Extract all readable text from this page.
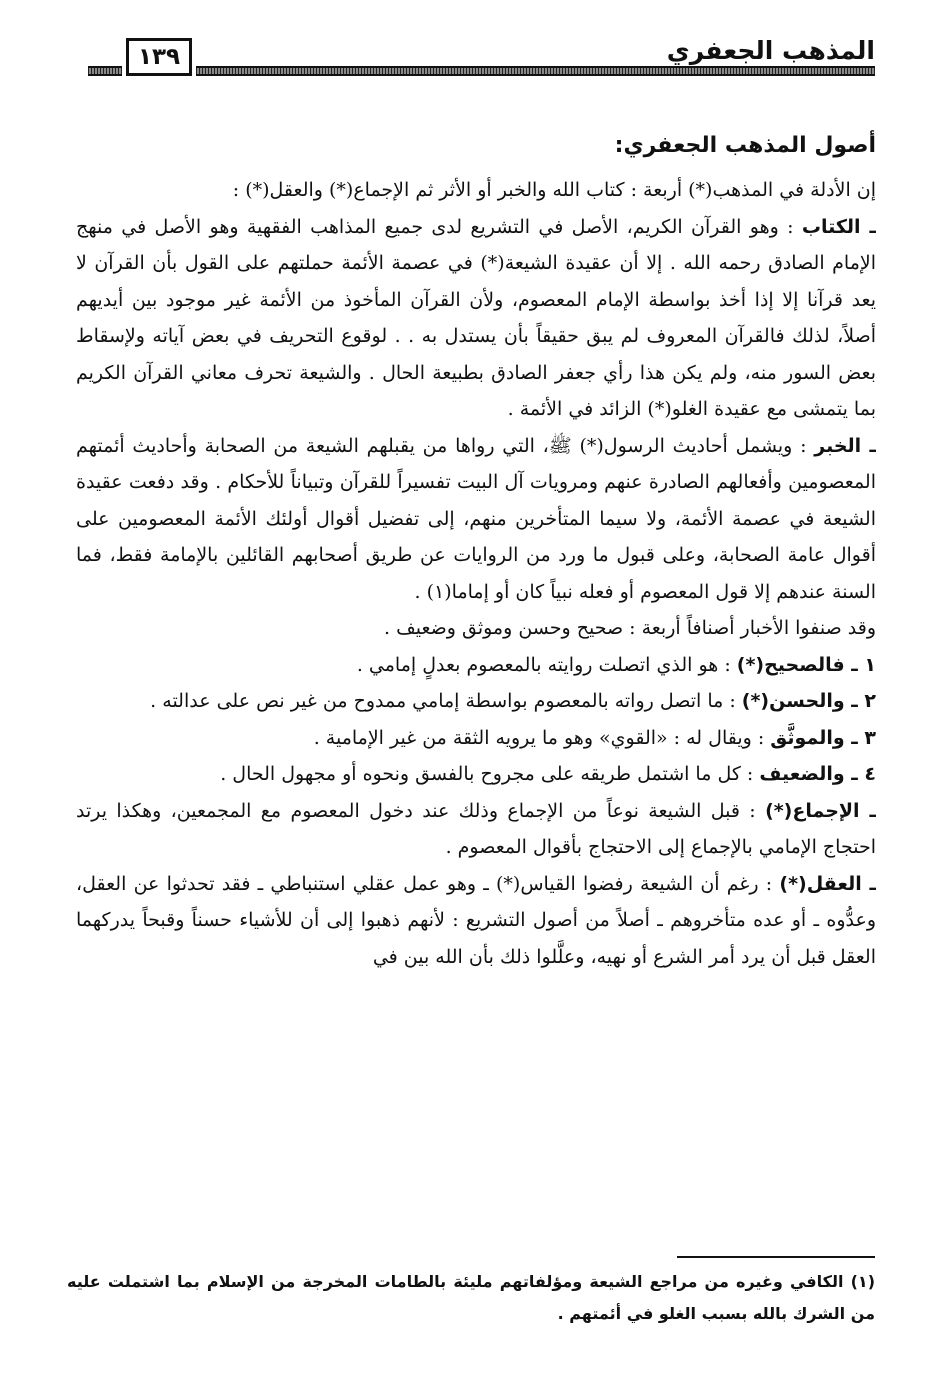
المذهب الجعفري
١٣٩
أصول المذهب الجعفري:

إن الأدلة في المذهب(*) أربعة : كتاب الله والخبر أو الأثر ثم الإجماع(*) والعقل(*) :

ـ الكتاب : وهو القرآن الكريم، الأصل في التشريع لدى جميع المذاهب الفقهية وهو الأصل في منهج الإمام الصادق رحمه الله . إلا أن عقيدة الشيعة(*) في عصمة الأئمة حملتهم على القول بأن القرآن لا يعد قرآنا إلا إذا أخذ بواسطة الإمام المعصوم، ولأن القرآن المأخوذ من الأئمة غير موجود بين أيديهم أصلاً، لذلك فالقرآن المعروف لم يبق حقيقاً بأن يستدل به . . لوقوع التحريف في بعض آياته ولإسقاط بعض السور منه، ولم يكن هذا رأي جعفر الصادق بطبيعة الحال . والشيعة تحرف معاني القرآن الكريم بما يتمشى مع عقيدة الغلو(*) الزائد في الأئمة .

ـ الخبر : ويشمل أحاديث الرسول(*) ﷺ، التي رواها من يقبلهم الشيعة من الصحابة وأحاديث أئمتهم المعصومين وأفعالهم الصادرة عنهم ومرويات آل البيت تفسيراً للقرآن وتبياناً للأحكام . وقد دفعت عقيدة الشيعة في عصمة الأئمة، ولا سيما المتأخرين منهم، إلى تفضيل أقوال أولئك الأئمة المعصومين على أقوال عامة الصحابة، وعلى قبول ما ورد من الروايات عن طريق أصحابهم القائلين بالإمامة فقط، فما السنة عندهم إلا قول المعصوم أو فعله نبياً كان أو إماما(١) .

وقد صنفوا الأخبار أصنافاً أربعة : صحيح وحسن وموثق وضعيف .

١ ـ فالصحيح(*) : هو الذي اتصلت روايته بالمعصوم بعدلٍ إمامي .

٢ ـ والحسن(*) : ما اتصل رواته بالمعصوم بواسطة إمامي ممدوح من غير نص على عدالته .

٣ ـ والموثَّق : ويقال له : «القوي» وهو ما يرويه الثقة من غير الإمامية .

٤ ـ والضعيف : كل ما اشتمل طريقه على مجروح بالفسق ونحوه أو مجهول الحال .

ـ الإجماع(*) : قبل الشيعة نوعاً من الإجماع وذلك عند دخول المعصوم مع المجمعين، وهكذا يرتد احتجاج الإمامي بالإجماع إلى الاحتجاج بأقوال المعصوم .

ـ العقل(*) : رغم أن الشيعة رفضوا القياس(*) ـ وهو عمل عقلي استنباطي ـ فقد تحدثوا عن العقل، وعدُّوه ـ أو عده متأخروهم ـ أصلاً من أصول التشريع : لأنهم ذهبوا إلى أن للأشياء حسناً وقبحاً يدركهما العقل قبل أن يرد أمر الشرع أو نهيه، وعلَّلوا ذلك بأن الله بين في

(١) الكافي وغيره من مراجع الشيعة ومؤلفاتهم مليئة بالطامات المخرجة من الإسلام بما اشتملت عليه من الشرك بالله بسبب الغلو في أئمتهم .
